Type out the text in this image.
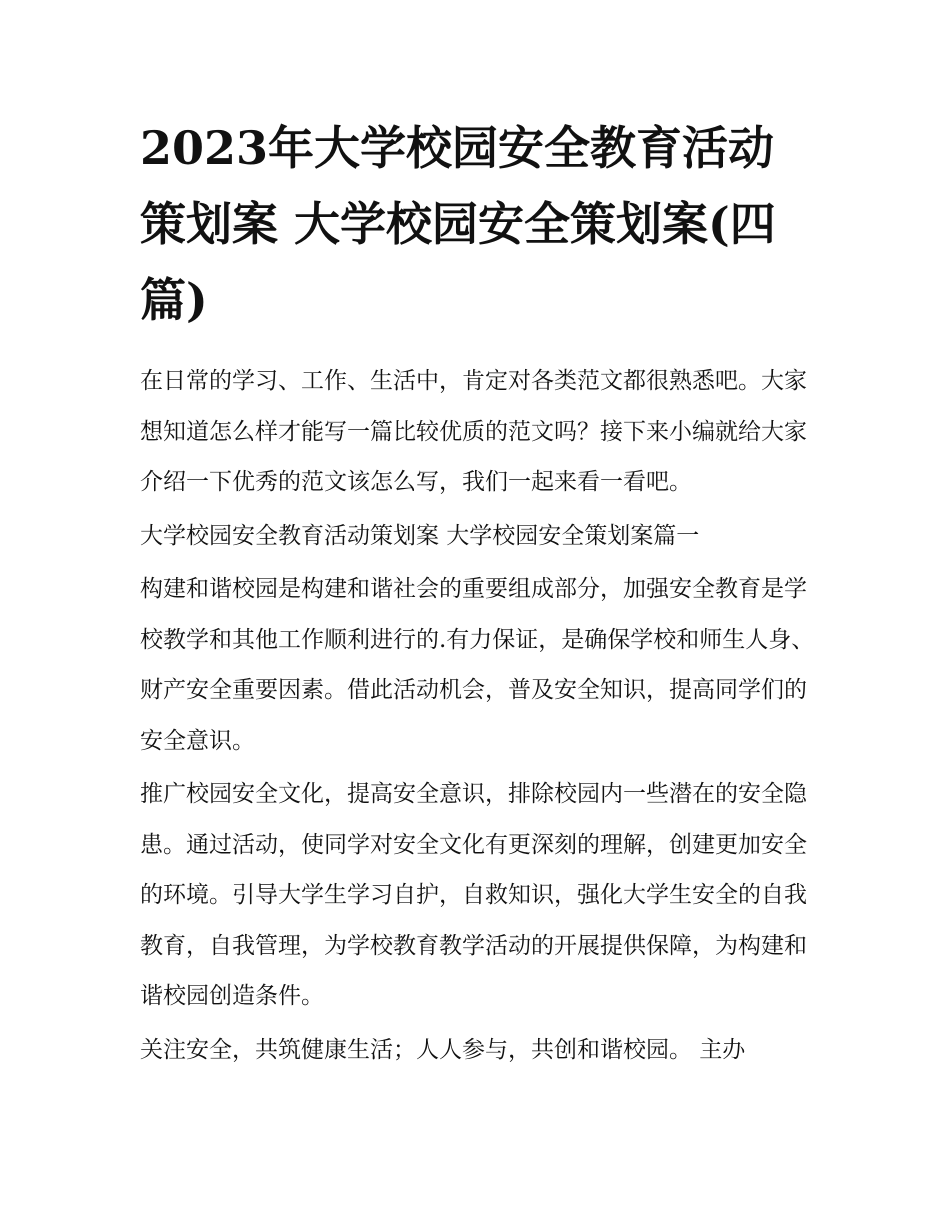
2023年大学校园安全教育活动策划案 大学校园安全策划案(四篇)

在日常的学习、工作、生活中，肯定对各类范文都很熟悉吧。大家想知道怎么样才能写一篇比较优质的范文吗？接下来小编就给大家介绍一下优秀的范文该怎么写，我们一起来看一看吧。

大学校园安全教育活动策划案 大学校园安全策划案篇一

构建和谐校园是构建和谐社会的重要组成部分，加强安全教育是学校教学和其他工作顺利进行的.有力保证，是确保学校和师生人身、财产安全重要因素。借此活动机会，普及安全知识，提高同学们的安全意识。

推广校园安全文化，提高安全意识，排除校园内一些潜在的安全隐患。通过活动，使同学对安全文化有更深刻的理解，创建更加安全的环境。引导大学生学习自护，自救知识，强化大学生安全的自我教育，自我管理，为学校教育教学活动的开展提供保障，为构建和谐校园创造条件。

关注安全，共筑健康生活；人人参与，共创和谐校园。 主办
